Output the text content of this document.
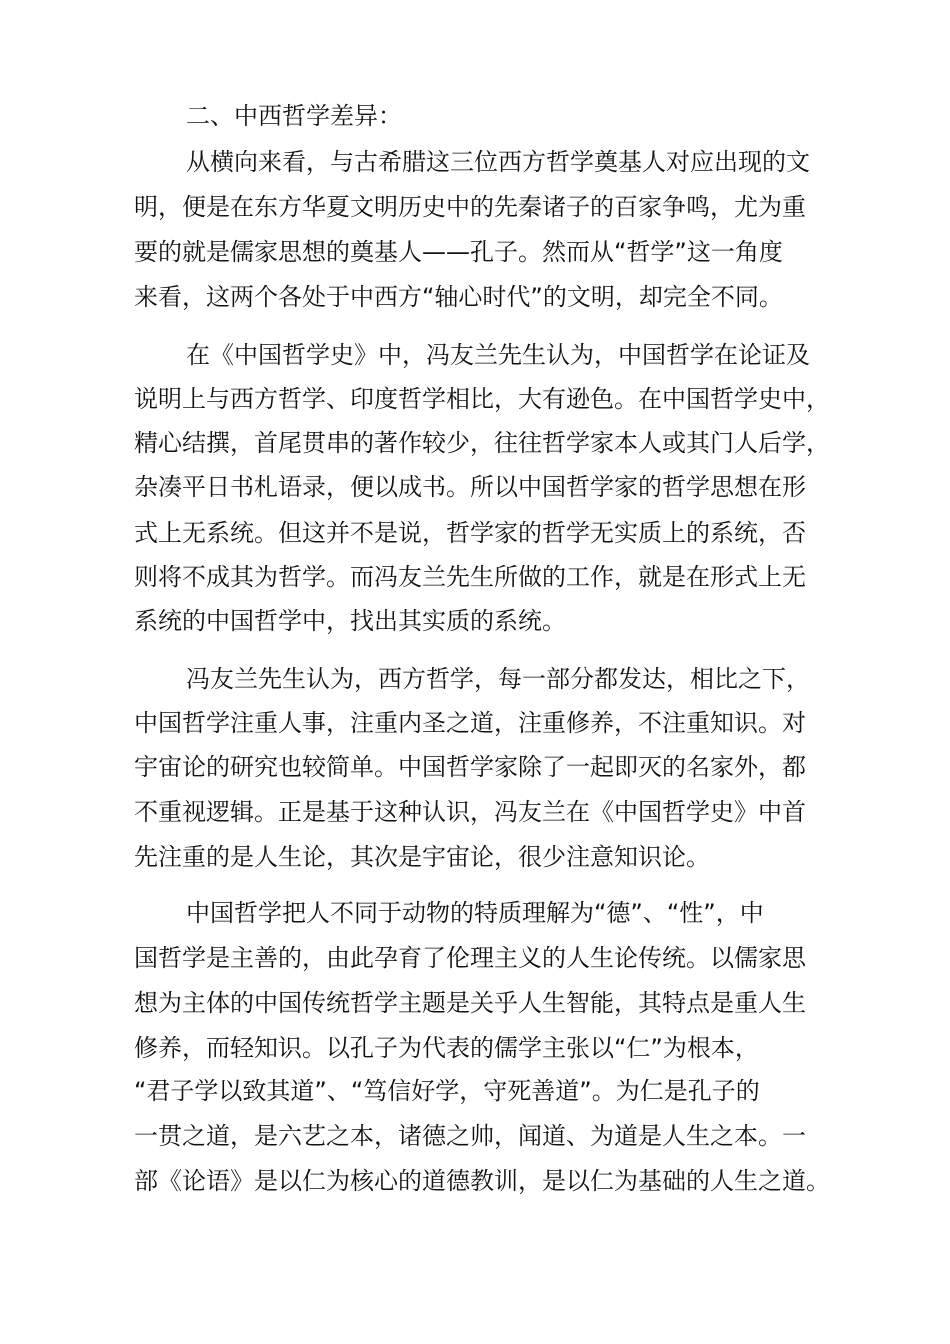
二、中西哲学差异：
从横向来看，与古希腊这三位西方哲学奠基人对应出现的文
明，便是在东方华夏文明历史中的先秦诸子的百家争鸣，尤为重
要的就是儒家思想的奠基人——孔子。然而从“哲学”这一角度
来看，这两个各处于中西方“轴心时代”的文明，却完全不同。
在《中国哲学史》中，冯友兰先生认为，中国哲学在论证及
说明上与西方哲学、印度哲学相比，大有逊色。在中国哲学史中，
精心结撰，首尾贯串的著作较少，往往哲学家本人或其门人后学，
杂凑平日书札语录，便以成书。所以中国哲学家的哲学思想在形
式上无系统。但这并不是说，哲学家的哲学无实质上的系统，否
则将不成其为哲学。而冯友兰先生所做的工作，就是在形式上无
系统的中国哲学中，找出其实质的系统。
冯友兰先生认为，西方哲学，每一部分都发达，相比之下，
中国哲学注重人事，注重内圣之道，注重修养，不注重知识。对
宇宙论的研究也较简单。中国哲学家除了一起即灭的名家外，都
不重视逻辑。正是基于这种认识，冯友兰在《中国哲学史》中首
先注重的是人生论，其次是宇宙论，很少注意知识论。
中国哲学把人不同于动物的特质理解为“德”、“性”，中
国哲学是主善的，由此孕育了伦理主义的人生论传统。以儒家思
想为主体的中国传统哲学主题是关乎人生智能，其特点是重人生
修养，而轻知识。以孔子为代表的儒学主张以“仁”为根本，
“君子学以致其道”、“笃信好学，守死善道”。为仁是孔子的
一贯之道，是六艺之本，诸德之帅，闻道、为道是人生之本。一
部《论语》是以仁为核心的道德教训，是以仁为基础的人生之道。
